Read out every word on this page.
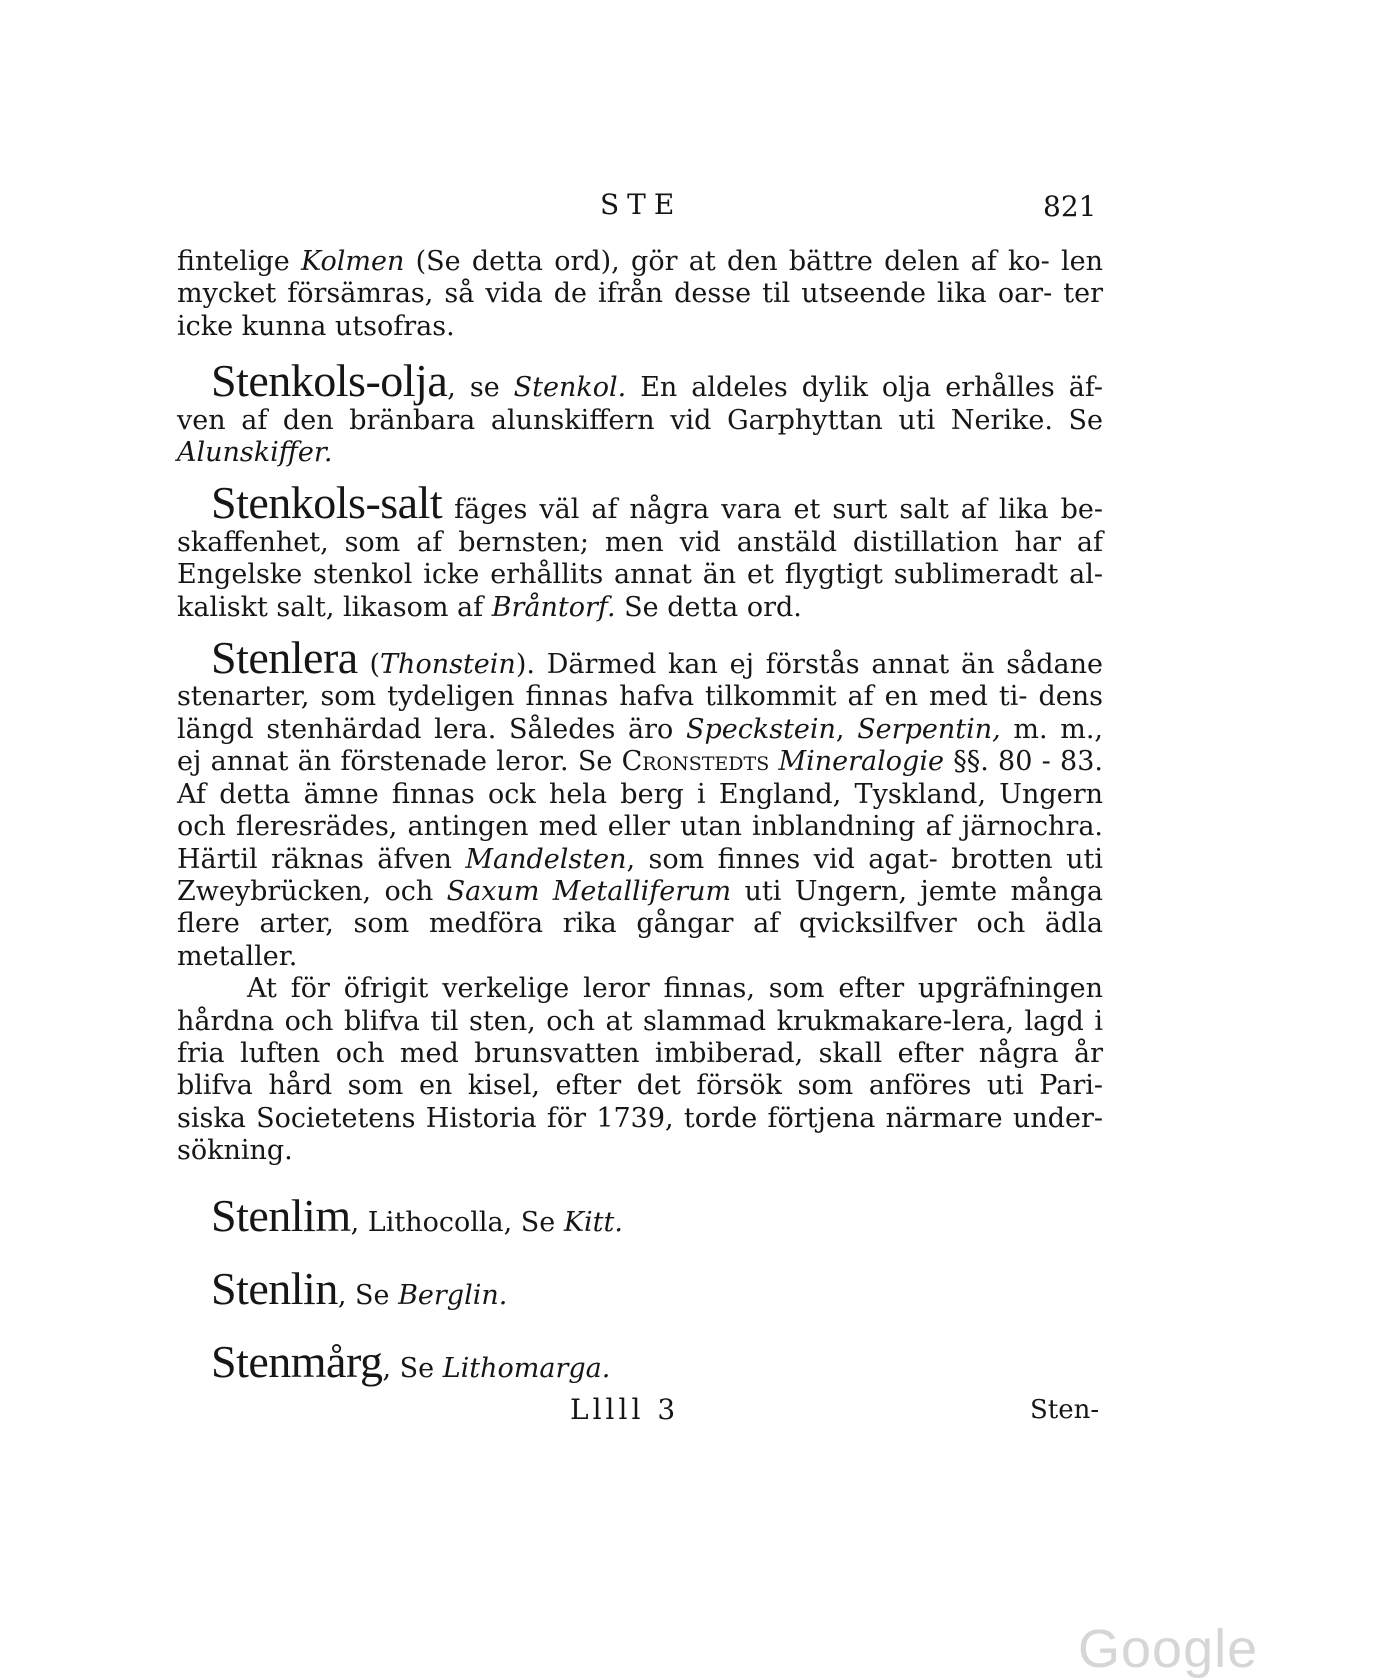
STE	821

fintelige Kolmen (Se detta ord), gör at den bättre delen af ko- len mycket försämras, så vida de ifrån desse til utseende lika oar- ter icke kunna utsofras.

Stenkols-olja, se Stenkol. En aldeles dylik olja erhålles äf- ven af den bränbara alunskiffern vid Garphyttan uti Nerike. Se Alunskiffer.

Stenkols-salt fäges väl af några vara et surt salt af lika be- skaffenhet, som af bernsten; men vid anstäld distillation har af Engelske stenkol icke erhållits annat än et flygtigt sublimeradt al- kaliskt salt, likasom af Bråntorf. Se detta ord.

Stenlera (Thonstein). Därmed kan ej förstås annat än sådane stenarter, som tydeligen finnas hafva tilkommit af en med ti- dens längd stenhärdad lera. Således äro Speckstein, Serpentin, m. m., ej annat än förstenade leror. Se Cronstedts Mineralogie §§. 80 - 83. Af detta ämne finnas ock hela berg i England, Tyskland, Ungern och fleresrädes, antingen med eller utan inblandning af järnochra. Härtil räknas äfven Mandelsten, som finnes vid agat- brotten uti Zweybrücken, och Saxum Metalliferum uti Ungern, jemte många flere arter, som medföra rika gångar af qvicksilfver och ädla metaller.

At för öfrigit verkelige leror finnas, som efter upgräfningen hårdna och blifva til sten, och at slammad krukmakare-lera, lagd i fria luften och med brunsvatten imbiberad, skall efter några år blifva hård som en kisel, efter det försök som anföres uti Pari- siska Societetens Historia för 1739, torde förtjena närmare under- sökning.

Stenlim, Lithocolla, Se Kitt.

Stenlin, Se Berglin.

Stenmårg, Se Lithomarga.

Lllll 3	Sten-
Google
